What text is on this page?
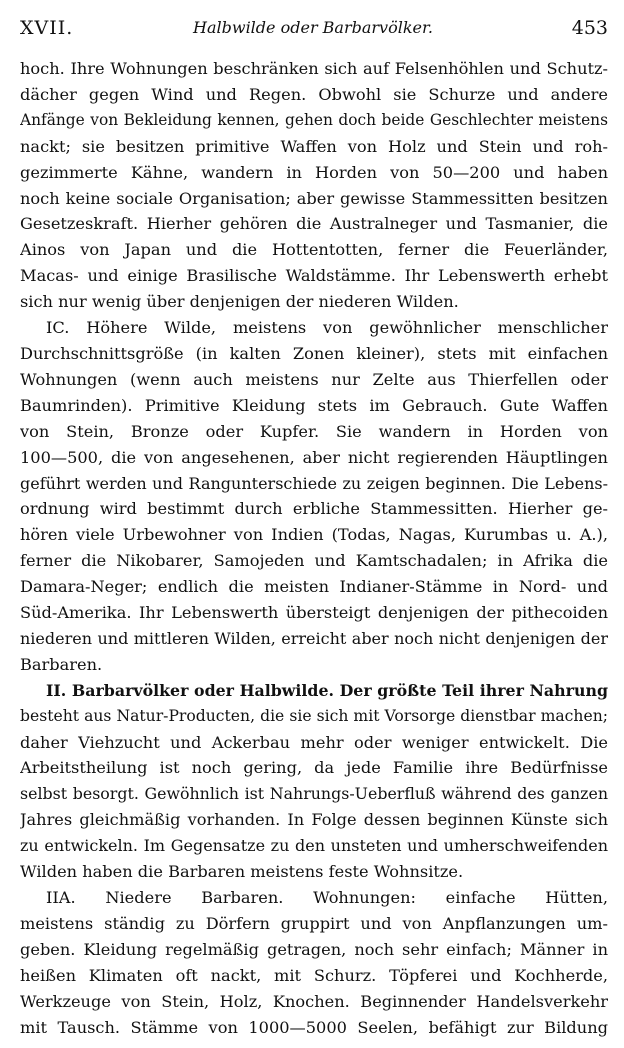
XVII.	Halbwilde oder Barbarvölker.	453
hoch. Ihre Wohnungen beschränken sich auf Felsenhöhlen und Schutz-
dächer gegen Wind und Regen. Obwohl sie Schurze und andere
Anfänge von Bekleidung kennen, gehen doch beide Geschlechter meistens
nackt; sie besitzen primitive Waffen von Holz und Stein und roh-
gezimmerte Kähne, wandern in Horden von 50—200 und haben
noch keine sociale Organisation; aber gewisse Stammessitten besitzen
Gesetzeskraft. Hierher gehören die Australneger und Tasmanier, die
Ainos von Japan und die Hottentotten, ferner die Feuerländer,
Macas- und einige Brasilische Waldstämme. Ihr Lebenswerth erhebt
sich nur wenig über denjenigen der niederen Wilden.
IC. Höhere Wilde, meistens von gewöhnlicher menschlicher
Durchschnittsgröße (in kalten Zonen kleiner), stets mit einfachen
Wohnungen (wenn auch meistens nur Zelte aus Thierfellen oder
Baumrinden). Primitive Kleidung stets im Gebrauch. Gute Waffen
von Stein, Bronze oder Kupfer. Sie wandern in Horden von
100—500, die von angesehenen, aber nicht regierenden Häuptlingen
geführt werden und Rangunterschiede zu zeigen beginnen. Die Lebens-
ordnung wird bestimmt durch erbliche Stammessitten. Hierher ge-
hören viele Urbewohner von Indien (Todas, Nagas, Kurumbas u. A.),
ferner die Nikobarer, Samojeden und Kamtschadalen; in Afrika die
Damara-Neger; endlich die meisten Indianer-Stämme in Nord- und
Süd-Amerika. Ihr Lebenswerth übersteigt denjenigen der pithecoiden
niederen und mittleren Wilden, erreicht aber noch nicht denjenigen der
Barbaren.
II. Barbarvölker oder Halbwilde. Der größte Teil ihrer Nahrung
besteht aus Natur-Producten, die sie sich mit Vorsorge dienstbar machen;
daher Viehzucht und Ackerbau mehr oder weniger entwickelt. Die
Arbeitstheilung ist noch gering, da jede Familie ihre Bedürfnisse
selbst besorgt. Gewöhnlich ist Nahrungs-Ueberfluß während des ganzen
Jahres gleichmäßig vorhanden. In Folge dessen beginnen Künste sich
zu entwickeln. Im Gegensatze zu den unsteten und umherschweifenden
Wilden haben die Barbaren meistens feste Wohnsitze.
IIA. Niedere Barbaren. Wohnungen: einfache Hütten,
meistens ständig zu Dörfern gruppirt und von Anpflanzungen um-
geben. Kleidung regelmäßig getragen, noch sehr einfach; Männer in
heißen Klimaten oft nackt, mit Schurz. Töpferei und Kochherde,
Werkzeuge von Stein, Holz, Knochen. Beginnender Handelsverkehr
mit Tausch. Stämme von 1000—5000 Seelen, befähigt zur Bildung
